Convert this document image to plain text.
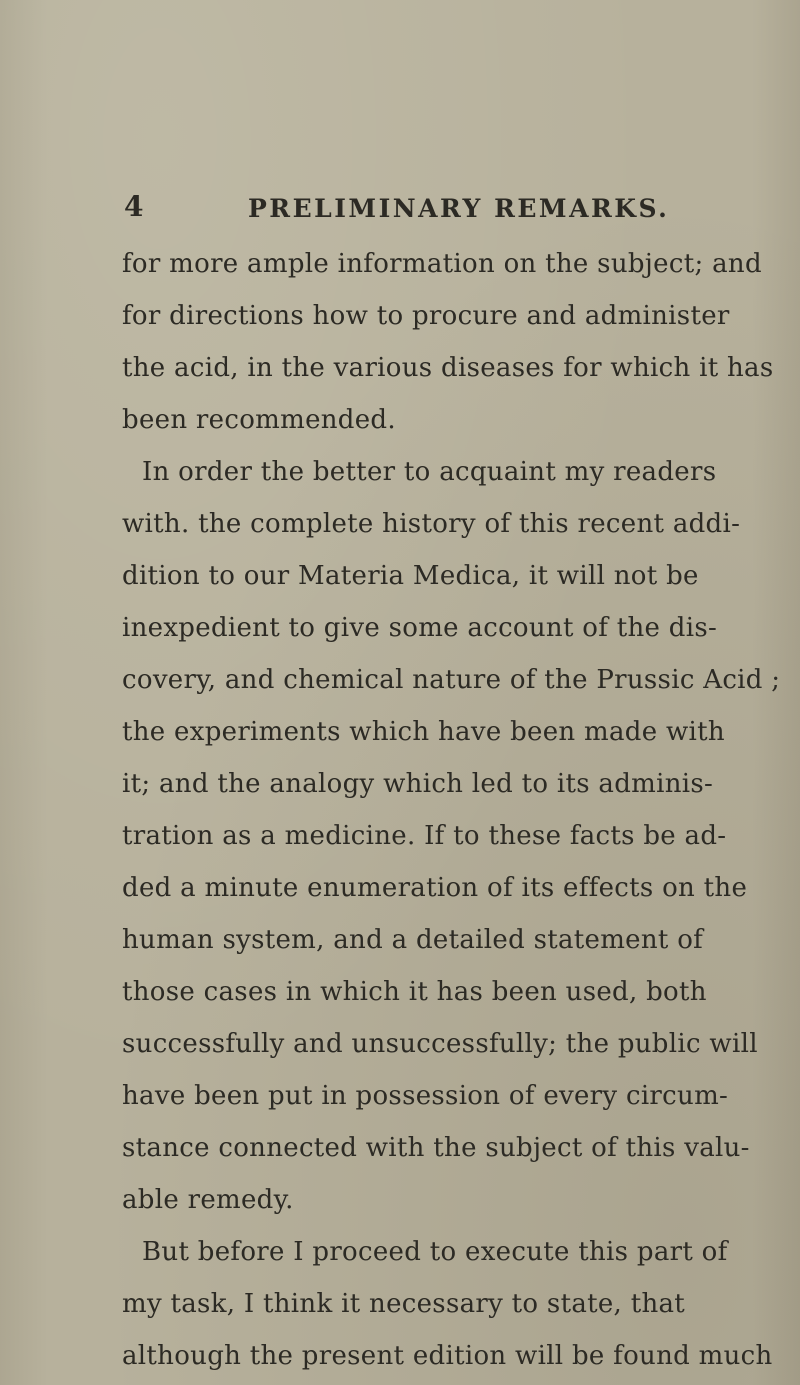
4	PRELIMINARY REMARKS.
for more ample information on the subject; and
for directions how to procure and administer
the acid, in the various diseases for which it has
been recommended.
In order the better to acquaint my readers
with. the complete history of this recent addi-
dition to our Materia Medica, it will not be
inexpedient to give some account of the dis-
covery, and chemical nature of the Prussic Acid ;
the experiments which have been made with
it; and the analogy which led to its adminis-
tration as a medicine. If to these facts be ad-
ded a minute enumeration of its effects on the
human system, and a detailed statement of
those cases in which it has been used, both
successfully and unsuccessfully; the public will
have been put in possession of every circum-
stance connected with the subject of this valu-
able remedy.
But before I proceed to execute this part of
my task, I think it necessary to state, that
although the present edition will be found much
